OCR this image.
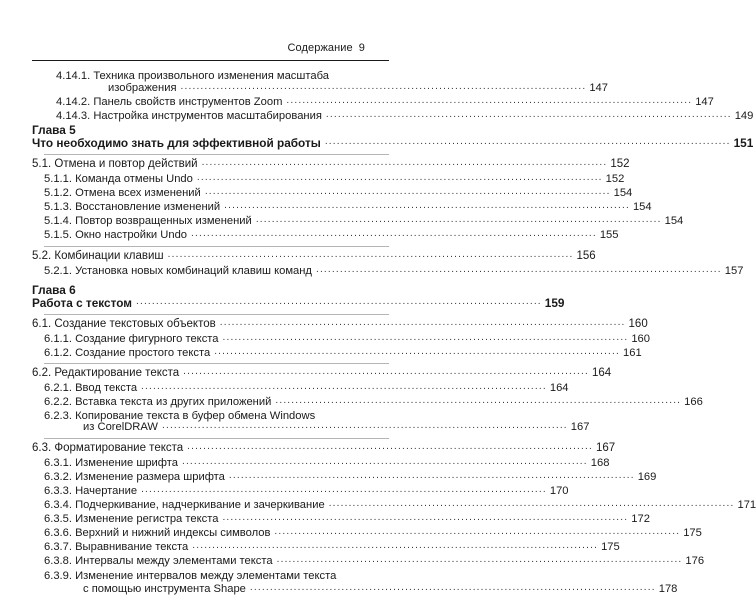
Содержание 9
4.14.1. Техника произвольного изменения масштаба
изображения ...................................................................................................... 147
4.14.2. Панель свойств инструментов Zoom ...................................................................................................... 147
4.14.3. Настройка инструментов масштабирования ...................................................................................................... 149
Глава 5
Что необходимо знать для эффективной работы ...................................................................................................... 151
5.1. Отмена и повтор действий ...................................................................................................... 152
5.1.1. Команда отмены Undo ...................................................................................................... 152
5.1.2. Отмена всех изменений ...................................................................................................... 154
5.1.3. Восстановление изменений ...................................................................................................... 154
5.1.4. Повтор возвращенных изменений ...................................................................................................... 154
5.1.5. Окно настройки Undo ...................................................................................................... 155
5.2. Комбинации клавиш ...................................................................................................... 156
5.2.1. Установка новых комбинаций клавиш команд ...................................................................................................... 157
Глава 6
Работа с текстом ...................................................................................................... 159
6.1. Создание текстовых объектов ...................................................................................................... 160
6.1.1. Создание фигурного текста ...................................................................................................... 160
6.1.2. Создание простого текста ...................................................................................................... 161
6.2. Редактирование текста ...................................................................................................... 164
6.2.1. Ввод текста ...................................................................................................... 164
6.2.2. Вставка текста из других приложений ...................................................................................................... 166
6.2.3. Копирование текста в буфер обмена Windows
из CorelDRAW ...................................................................................................... 167
6.3. Форматирование текста ...................................................................................................... 167
6.3.1. Изменение шрифта ...................................................................................................... 168
6.3.2. Изменение размера шрифта ...................................................................................................... 169
6.3.3. Начертание ...................................................................................................... 170
6.3.4. Подчеркивание, надчеркивание и зачеркивание ...................................................................................................... 171
6.3.5. Изменение регистра текста ...................................................................................................... 172
6.3.6. Верхний и нижний индексы символов ...................................................................................................... 175
6.3.7. Выравнивание текста ...................................................................................................... 175
6.3.8. Интервалы между элементами текста ...................................................................................................... 176
6.3.9. Изменение интервалов между элементами текста
с помощью инструмента Shape ...................................................................................................... 178
